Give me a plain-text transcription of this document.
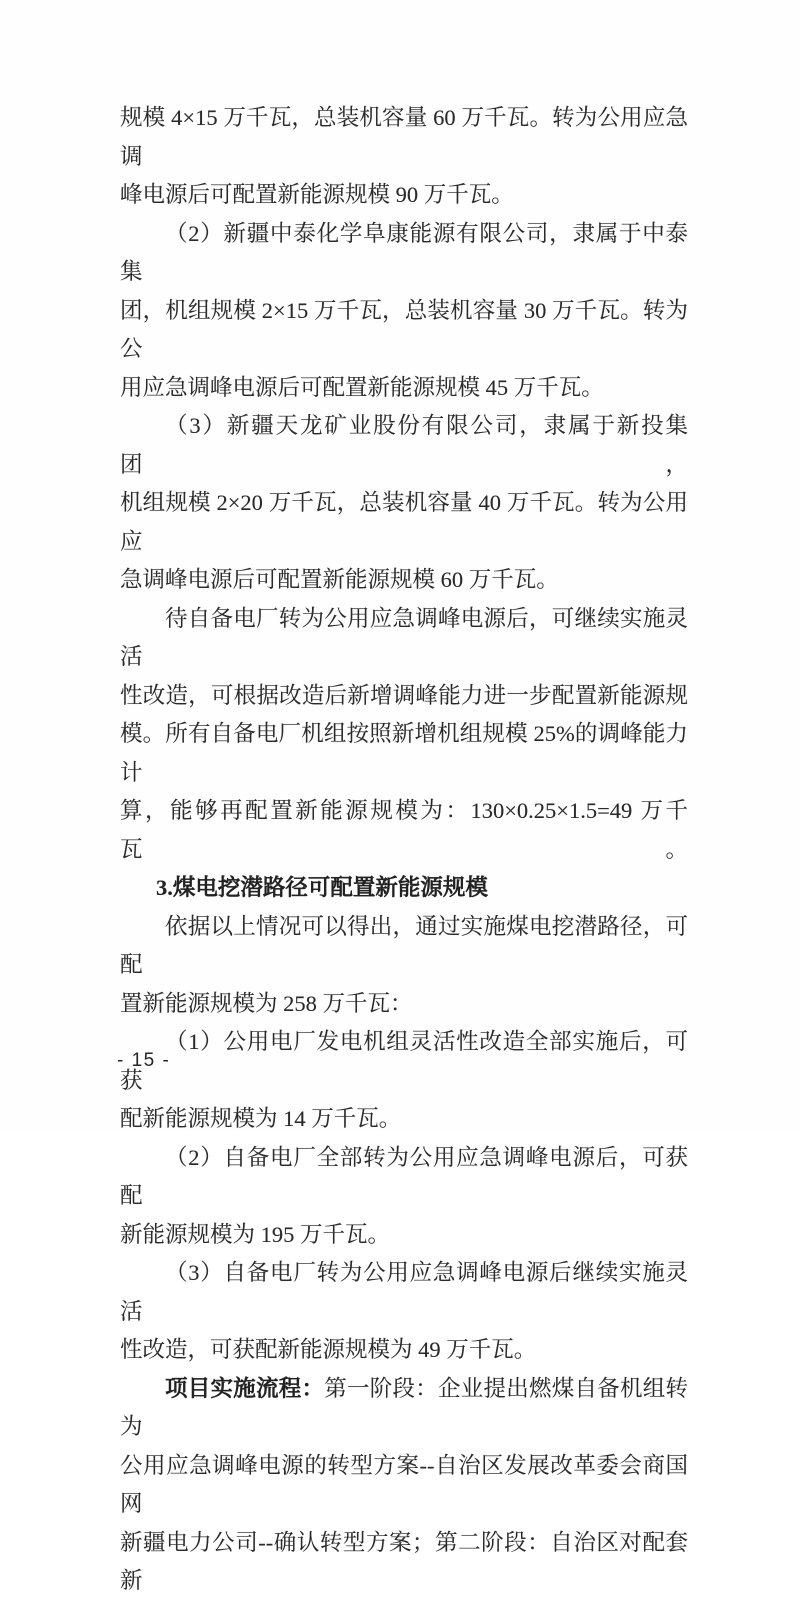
规模 4×15 万千瓦，总装机容量 60 万千瓦。转为公用应急调

峰电源后可配置新能源规模 90 万千瓦。

（2）新疆中泰化学阜康能源有限公司，隶属于中泰集

团，机组规模 2×15 万千瓦，总装机容量 30 万千瓦。转为公

用应急调峰电源后可配置新能源规模 45 万千瓦。

（3）新疆天龙矿业股份有限公司，隶属于新投集团，

机组规模 2×20 万千瓦，总装机容量 40 万千瓦。转为公用应

急调峰电源后可配置新能源规模 60 万千瓦。

待自备电厂转为公用应急调峰电源后，可继续实施灵活

性改造，可根据改造后新增调峰能力进一步配置新能源规

模。所有自备电厂机组按照新增机组规模 25%的调峰能力计

算，能够再配置新能源规模为：130×0.25×1.5=49 万千瓦。

3.煤电挖潜路径可配置新能源规模

依据以上情况可以得出，通过实施煤电挖潜路径，可配

置新能源规模为 258 万千瓦：

（1）公用电厂发电机组灵活性改造全部实施后，可获

配新能源规模为 14 万千瓦。

（2）自备电厂全部转为公用应急调峰电源后，可获配

新能源规模为 195 万千瓦。

（3）自备电厂转为公用应急调峰电源后继续实施灵活

性改造，可获配新能源规模为 49 万千瓦。

项目实施流程：第一阶段：企业提出燃煤自备机组转为

公用应急调峰电源的转型方案--自治区发展改革委会商国网

新疆电力公司--确认转型方案；第二阶段：自治区对配套新

- 15 -
